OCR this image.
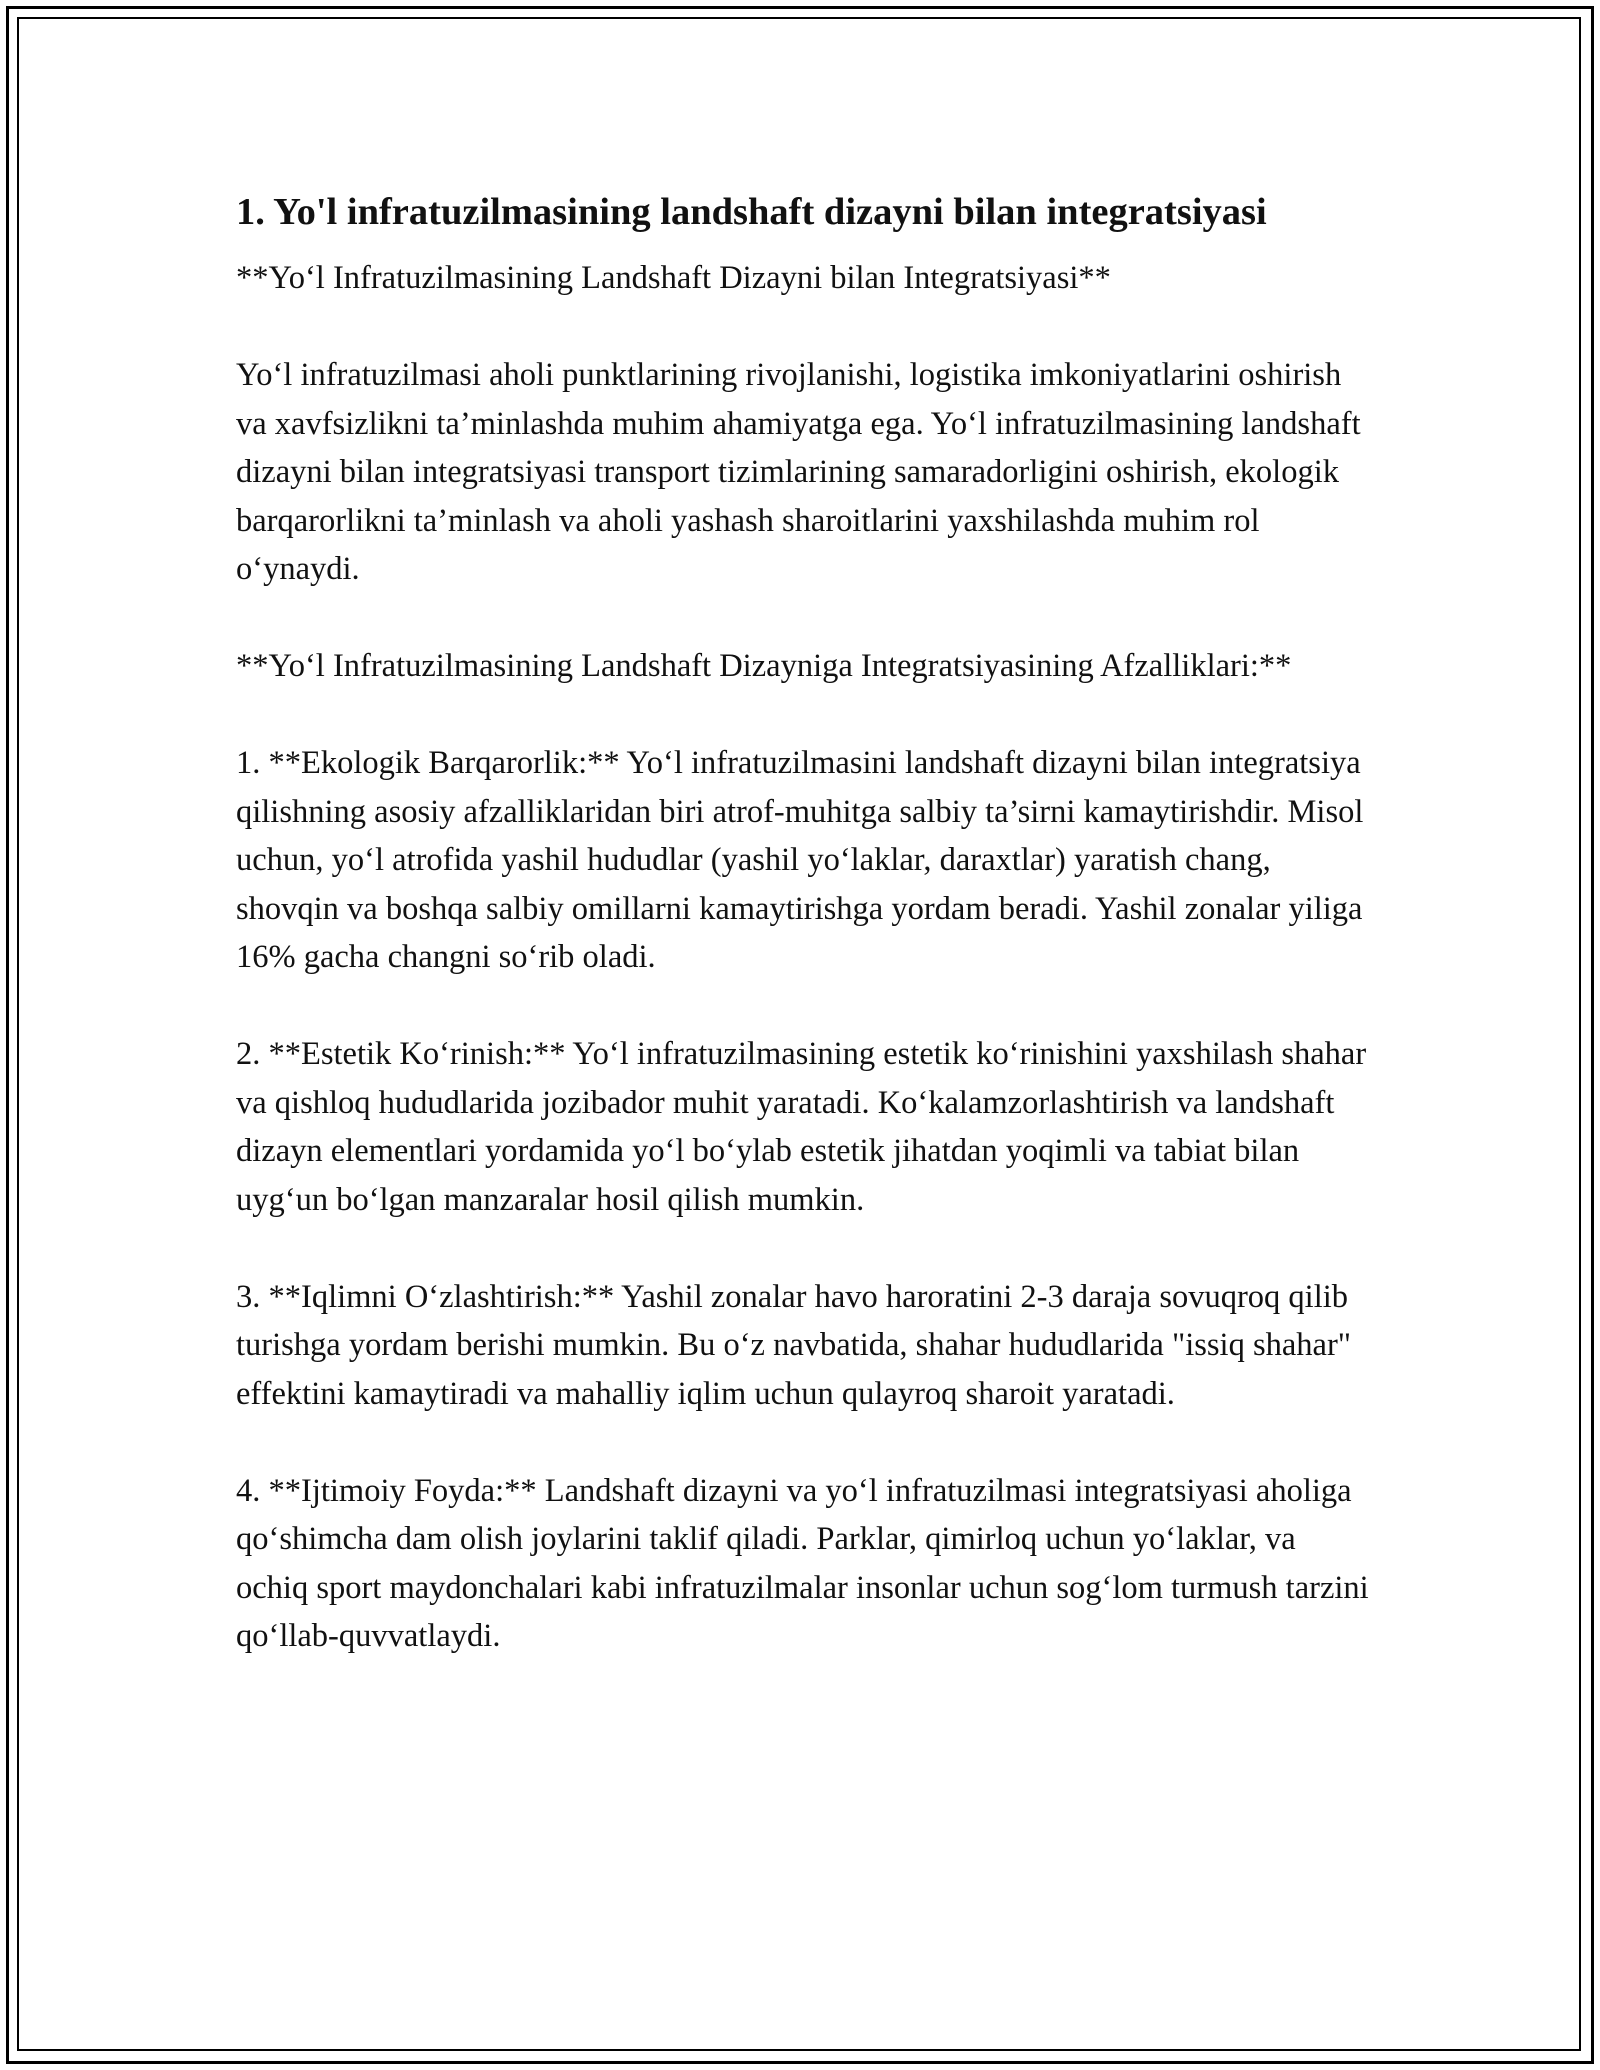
1. Yo'l infratuzilmasining landshaft dizayni bilan integratsiyasi

**Yo‘l Infratuzilmasining Landshaft Dizayni bilan Integratsiyasi**

Yo‘l infratuzilmasi aholi punktlarining rivojlanishi, logistika imkoniyatlarini oshirish va xavfsizlikni ta’minlashda muhim ahamiyatga ega. Yo‘l infratuzilmasining landshaft dizayni bilan integratsiyasi transport tizimlarining samaradorligini oshirish, ekologik barqarorlikni ta’minlash va aholi yashash sharoitlarini yaxshilashda muhim rol o‘ynaydi.

**Yo‘l Infratuzilmasining Landshaft Dizayniga Integratsiyasining Afzalliklari:**

1. **Ekologik Barqarorlik:** Yo‘l infratuzilmasini landshaft dizayni bilan integratsiya qilishning asosiy afzalliklaridan biri atrof-muhitga salbiy ta’sirni kamaytirishdir. Misol uchun, yo‘l atrofida yashil hududlar (yashil yo‘laklar, daraxtlar) yaratish chang, shovqin va boshqa salbiy omillarni kamaytirishga yordam beradi. Yashil zonalar yiliga 16% gacha changni so‘rib oladi.

2. **Estetik Ko‘rinish:** Yo‘l infratuzilmasining estetik ko‘rinishini yaxshilash shahar va qishloq hududlarida jozibador muhit yaratadi. Ko‘kalamzorlashtirish va landshaft dizayn elementlari yordamida yo‘l bo‘ylab estetik jihatdan yoqimli va tabiat bilan uyg‘un bo‘lgan manzaralar hosil qilish mumkin.

3. **Iqlimni O‘zlashtirish:** Yashil zonalar havo haroratini 2-3 daraja sovuqroq qilib turishga yordam berishi mumkin. Bu o‘z navbatida, shahar hududlarida "issiq shahar" effektini kamaytiradi va mahalliy iqlim uchun qulayroq sharoit yaratadi.

4. **Ijtimoiy Foyda:** Landshaft dizayni va yo‘l infratuzilmasi integratsiyasi aholiga qo‘shimcha dam olish joylarini taklif qiladi. Parklar, qimirloq uchun yo‘laklar, va ochiq sport maydonchalari kabi infratuzilmalar insonlar uchun sog‘lom turmush tarzini qo‘llab-quvvatlaydi.
